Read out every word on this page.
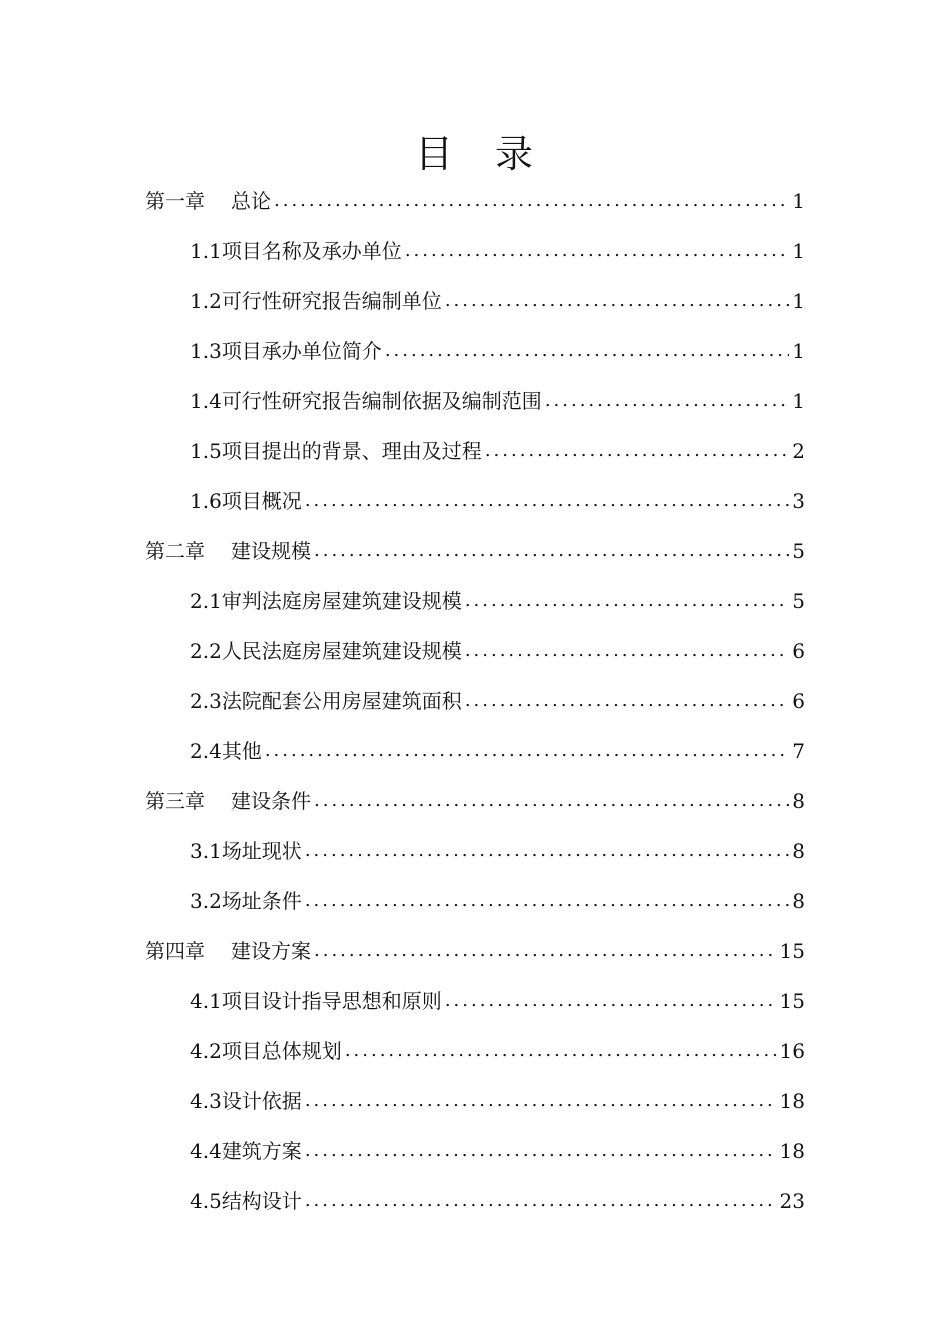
目　录
第一章 总论 .....	1
1.1 项目名称及承办单位 .....	1
1.2 可行性研究报告编制单位 .....	1
1.3 项目承办单位简介 .....	1
1.4 可行性研究报告编制依据及编制范围 .....	1
1.5 项目提出的背景、理由及过程 .....	2
1.6 项目概况 .....	3
第二章 建设规模 .....	5
2.1 审判法庭房屋建筑建设规模 .....	5
2.2 人民法庭房屋建筑建设规模 .....	6
2.3 法院配套公用房屋建筑面积 .....	6
2.4 其他 .....	7
第三章 建设条件 .....	8
3.1 场址现状 .....	8
3.2 场址条件 .....	8
第四章 建设方案 .....	15
4.1 项目设计指导思想和原则 .....	15
4.2 项目总体规划 .....	16
4.3 设计依据 .....	18
4.4 建筑方案 .....	18
4.5 结构设计 .....	23
